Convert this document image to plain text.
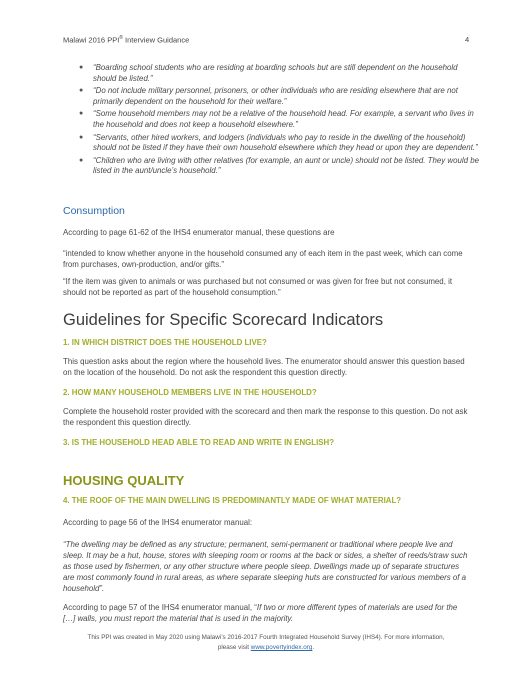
Malawi 2016 PPI® Interview Guidance	4
● “Boarding school students who are residing at boarding schools but are still dependent on the household should be listed.”
● “Do not include military personnel, prisoners, or other individuals who are residing elsewhere that are not primarily dependent on the household for their welfare.”
● “Some household members may not be a relative of the household head. For example, a servant who lives in the household and does not keep a household elsewhere.”
● “Servants, other hired workers, and lodgers (individuals who pay to reside in the dwelling of the household) should not be listed if they have their own household elsewhere which they head or upon they are dependent.”
● “Children who are living with other relatives (for example, an aunt or uncle) should not be listed. They would be listed in the aunt/uncle’s household.”
Consumption
According to page 61-62 of the IHS4 enumerator manual, these questions are
“intended to know whether anyone in the household consumed any of each item in the past week, which can come from purchases, own-production, and/or gifts.”
“If the item was given to animals or was purchased but not consumed or was given for free but not consumed, it should not be reported as part of the household consumption.”
Guidelines for Specific Scorecard Indicators
1. IN WHICH DISTRICT DOES THE HOUSEHOLD LIVE?
This question asks about the region where the household lives. The enumerator should answer this question based on the location of the household. Do not ask the respondent this question directly.
2. HOW MANY HOUSEHOLD MEMBERS LIVE IN THE HOUSEHOLD?
Complete the household roster provided with the scorecard and then mark the response to this question. Do not ask the respondent this question directly.
3. IS THE HOUSEHOLD HEAD ABLE TO READ AND WRITE IN ENGLISH?
HOUSING QUALITY
4. THE ROOF OF THE MAIN DWELLING IS PREDOMINANTLY MADE OF WHAT MATERIAL?
According to page 56 of the IHS4 enumerator manual:
“The dwelling may be defined as any structure; permanent, semi-permanent or traditional where people live and sleep. It may be a hut, house, stores with sleeping room or rooms at the back or sides, a shelter of reeds/straw such as those used by fishermen, or any other structure where people sleep. Dwellings made up of separate structures are most commonly found in rural areas, as where separate sleeping huts are constructed for various members of a household”.
According to page 57 of the IHS4 enumerator manual, “If two or more different types of materials are used for the […] walls, you must report the material that is used in the majority.
This PPI was created in May 2020 using Malawi’s 2016-2017 Fourth Integrated Household Survey (IHS4). For more information,
please visit www.povertyindex.org.
